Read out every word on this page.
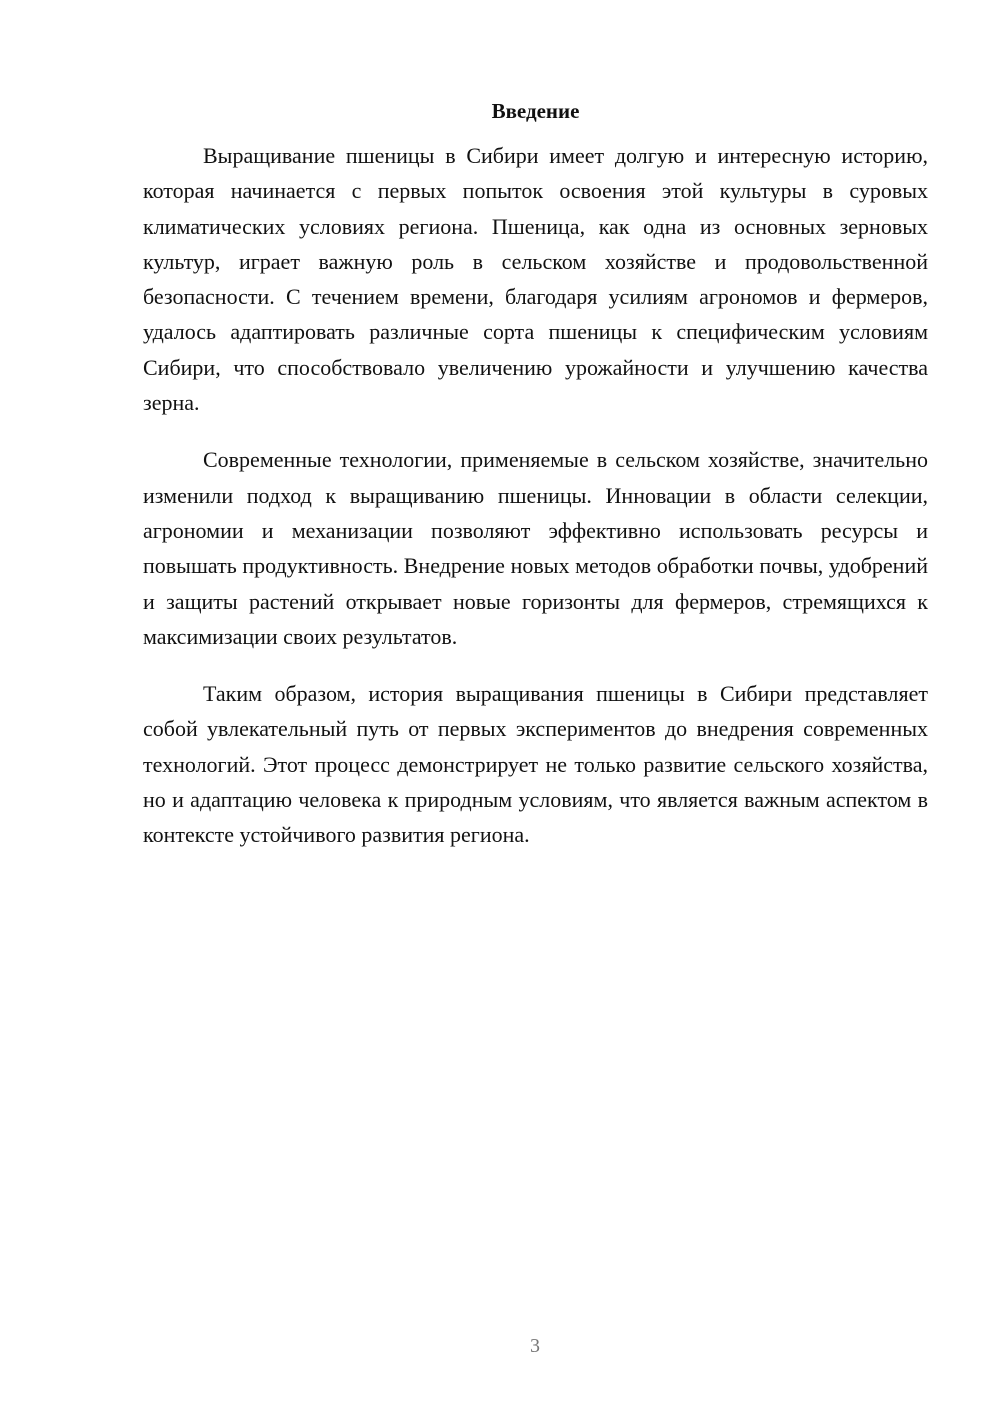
Введение

Выращивание пшеницы в Сибири имеет долгую и интересную историю, которая начинается с первых попыток освоения этой культуры в суровых климатических условиях региона. Пшеница, как одна из основных зерновых культур, играет важную роль в сельском хозяйстве и продовольственной безопасности. С течением времени, благодаря усилиям агрономов и фермеров, удалось адаптировать различные сорта пшеницы к специфическим условиям Сибири, что способствовало увеличению урожайности и улучшению качества зерна.

Современные технологии, применяемые в сельском хозяйстве, значительно изменили подход к выращиванию пшеницы. Инновации в области селекции, агрономии и механизации позволяют эффективно использовать ресурсы и повышать продуктивность. Внедрение новых методов обработки почвы, удобрений и защиты растений открывает новые горизонты для фермеров, стремящихся к максимизации своих результатов.

Таким образом, история выращивания пшеницы в Сибири представляет собой увлекательный путь от первых экспериментов до внедрения современных технологий. Этот процесс демонстрирует не только развитие сельского хозяйства, но и адаптацию человека к природным условиям, что является важным аспектом в контексте устойчивого развития региона.

3
